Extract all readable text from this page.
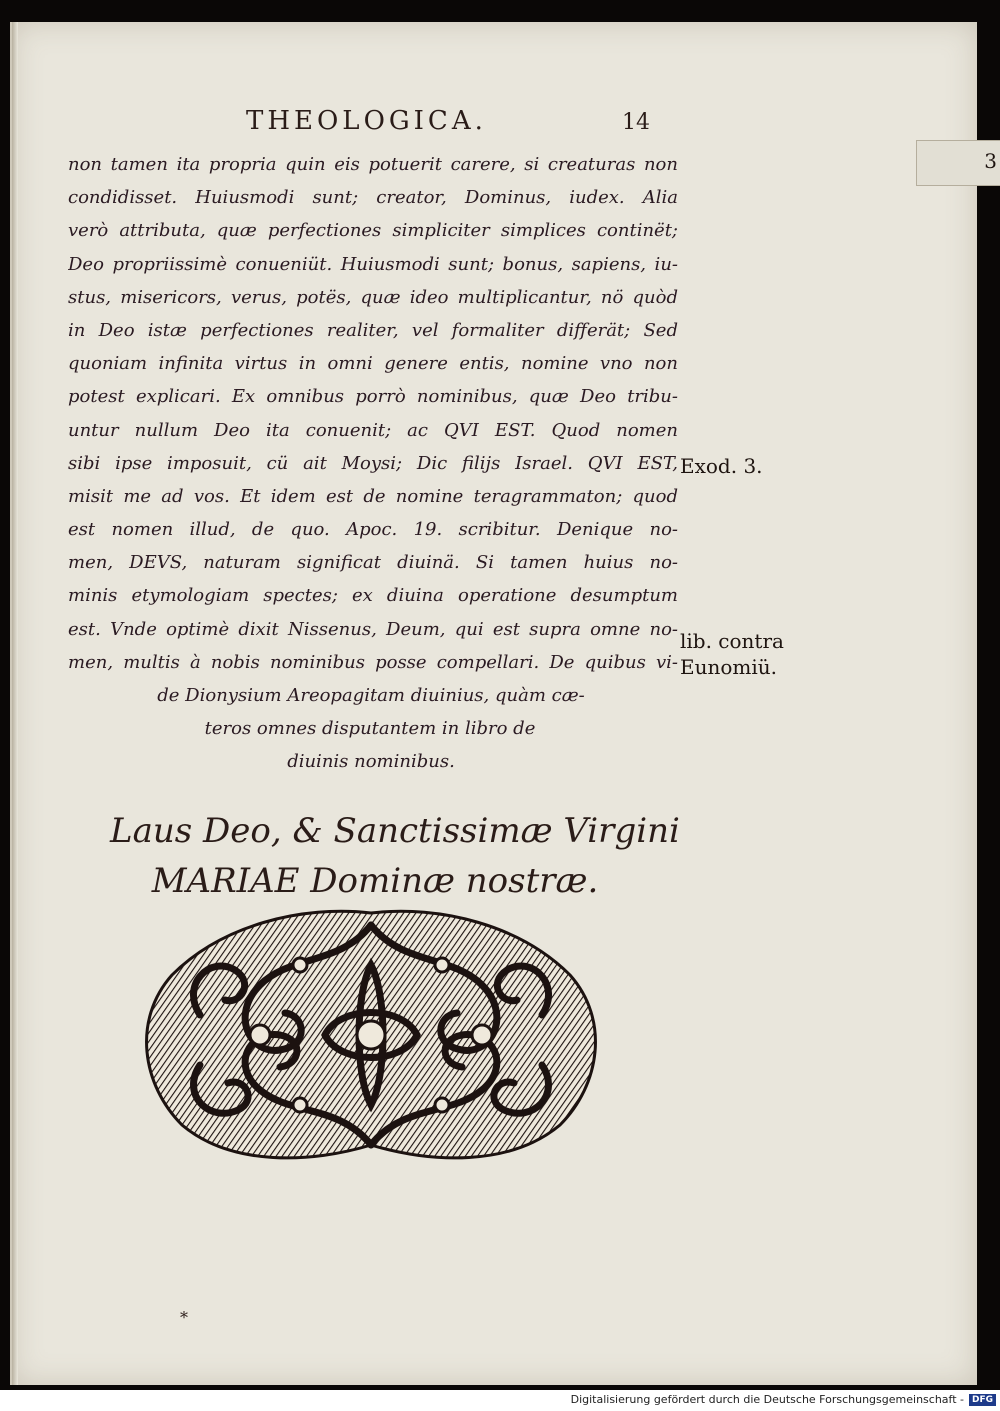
3
THEOLOGICA.	14
non tamen ita propria quin eis potuerit carere, si creaturas non
condidisset. Huiusmodi sunt; creator, Dominus, iudex. Alia
verò attributa, quæ perfectiones simpliciter simplices continët;
Deo propriissimè conueniüt. Huiusmodi sunt; bonus, sapiens, iu-
stus, misericors, verus, potës, quæ ideo multiplicantur, nö quòd
in Deo istæ perfectiones realiter, vel formaliter differät; Sed
quoniam infinita virtus in omni genere entis, nomine vno non
potest explicari. Ex omnibus porrò nominibus, quæ Deo tribu-
untur nullum Deo ita conuenit; ac QVI EST. Quod nomen
sibi ipse imposuit, cü ait Moysi; Dic filijs Israel. QVI EST,
misit me ad vos. Et idem est de nomine teragrammaton; quod
est nomen illud, de quo. Apoc. 19. scribitur. Denique no-
men, DEVS, naturam significat diuinä. Si tamen huius no-
minis etymologiam spectes; ex diuina operatione desumptum
est. Vnde optimè dixit Nissenus, Deum, qui est supra omne no-
men, multis à nobis nominibus posse compellari. De quibus vi-
de Dionysium Areopagitam diuinius, quàm cæ-
teros omnes disputantem in libro de
diuinis nominibus.

Exod. 3.

lib. contra
Eunomiü.

Laus Deo, & Sanctissimæ Virgini
MARIAE Dominæ nostræ.
*
Digitalisierung gefördert durch die Deutsche Forschungsgemeinschaft - DFG
